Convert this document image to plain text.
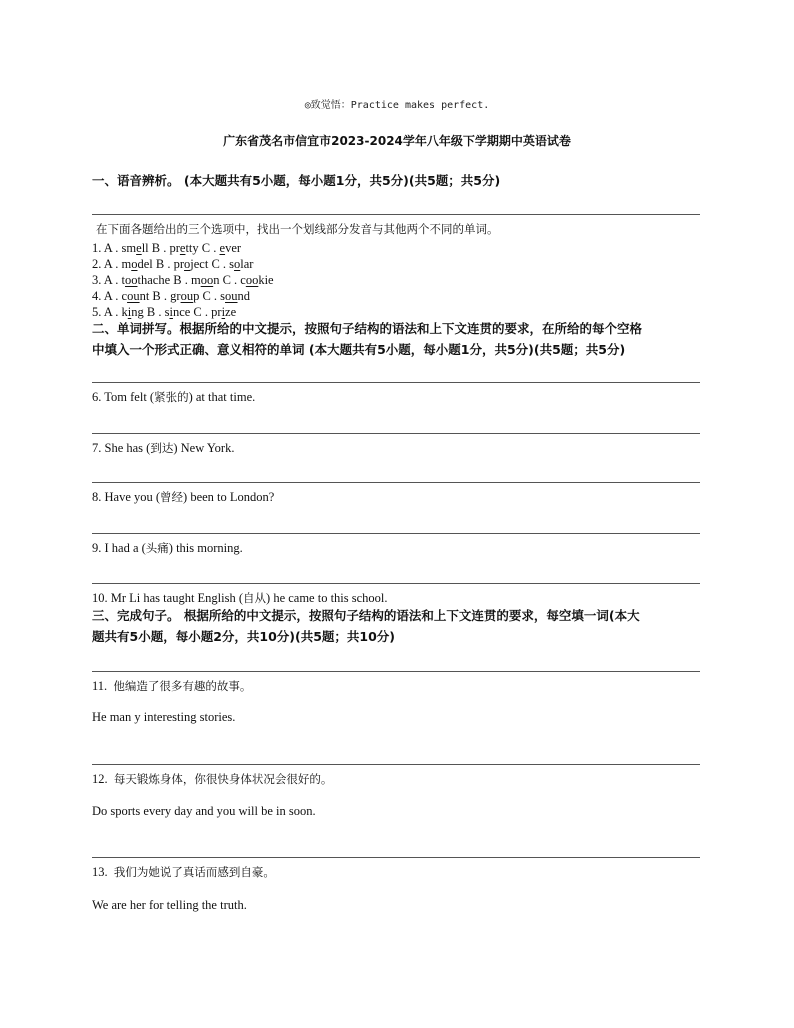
◎致觉悟：Practice makes perfect.
广东省茂名市信宜市2023-2024学年八年级下学期期中英语试卷
一、语音辨析。 (本大题共有5小题，每小题1分，共5分)(共5题；共5分)
在下面各题给出的三个选项中，找出一个划线部分发音与其他两个不同的单词。
1. A . smell B . pretty C . ever
2. A . model B . project C . solar
3. A . toothache B . moon C . cookie
4. A . count B . group C . sound
5. A . king B . since C . prize
二、单词拼写。根据所给的中文提示，按照句子结构的语法和上下文连贯的要求，在所给的每个空格
中填入一个形式正确、意义相符的单词 (本大题共有5小题，每小题1分，共5分)(共5题；共5分)
6. Tom felt (紧张的) at that time.
7. She has (到达) New York.
8. Have you (曾经) been to London?
9. I had a (头痛) this morning.
10. Mr Li has taught English (自从) he came to this school.
三、完成句子。 根据所给的中文提示，按照句子结构的语法和上下文连贯的要求，每空填一词(本大
题共有5小题，每小题2分，共10分)(共5题；共10分)
11. 他编造了很多有趣的故事。
He man y interesting stories.
12. 每天锻炼身体，你很快身体状况会很好的。
Do sports every day and you will be in soon.
13. 我们为她说了真话而感到自豪。
We are her for telling the truth.
